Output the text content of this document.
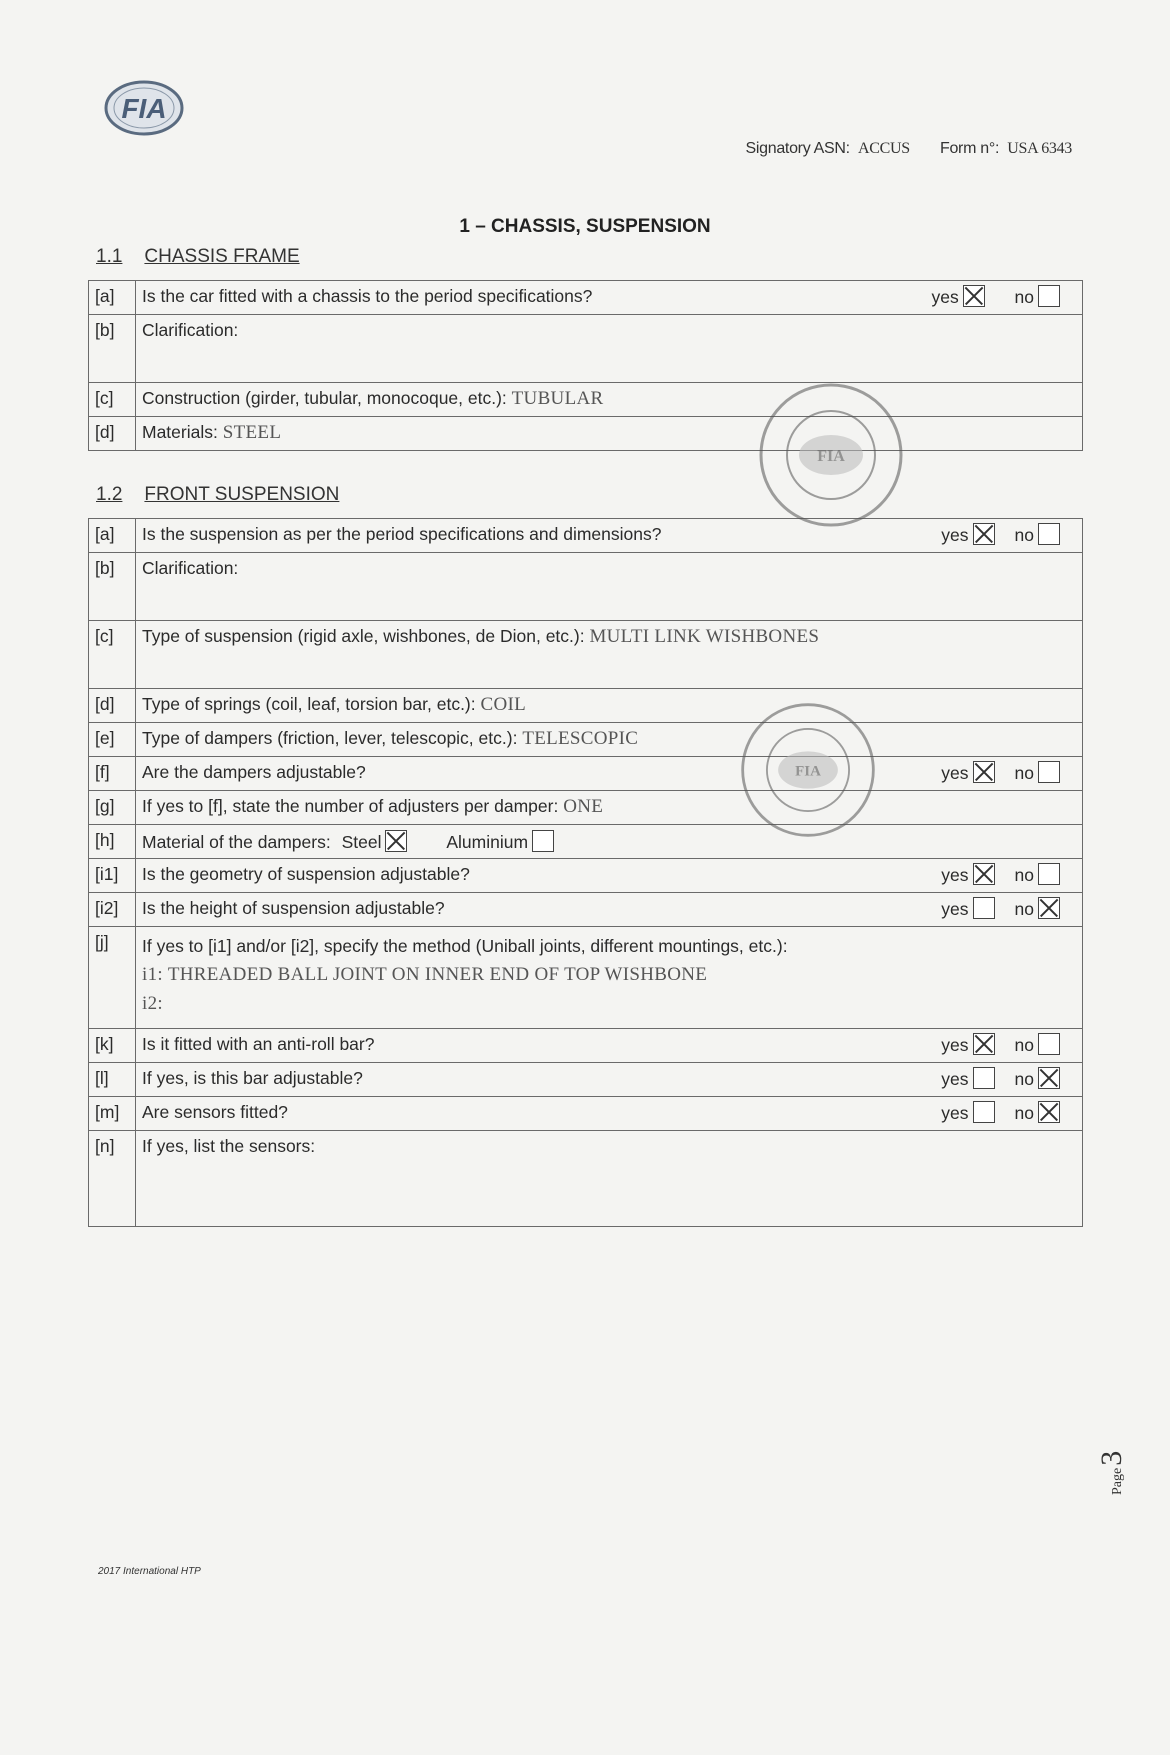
FIA
Signatory ASN: ACCUS Form n°: USA 6343
1 – CHASSIS, SUSPENSION
1.1 CHASSIS FRAME
[a]	Is the car fitted with a chassis to the period specifications? yes no

[b]	Clarification:
[c]	Construction (girder, tubular, monocoque, etc.): TUBULAR
[d]	Materials: STEEL
1.2 FRONT SUSPENSION
[a]	Is the suspension as per the period specifications and dimensions? yes no

[b]	Clarification:
[c]	Type of suspension (rigid axle, wishbones, de Dion, etc.): MULTI LINK WISHBONES
[d]	Type of springs (coil, leaf, torsion bar, etc.): COIL
[e]	Type of dampers (friction, lever, telescopic, etc.): TELESCOPIC
[f]	Are the dampers adjustable? yes no

[g]	If yes to [f], state the number of adjusters per damper: ONE
[h]	Material of the dampers: Steel Aluminium
[i1]	Is the geometry of suspension adjustable? yes no

[i2]	Is the height of suspension adjustable? yes no

[j]	If yes to [i1] and/or [i2], specify the method (Uniball joints, different mountings, etc.):
i1: THREADED BALL JOINT ON INNER END OF TOP WISHBONE
i2:

[k]	Is it fitted with an anti-roll bar? yes no

[l]	If yes, is this bar adjustable? yes no

[m]	Are sensors fitted? yes no

[n]	If yes, list the sensors:
FIA
FIA
2017 International HTP
Page3
